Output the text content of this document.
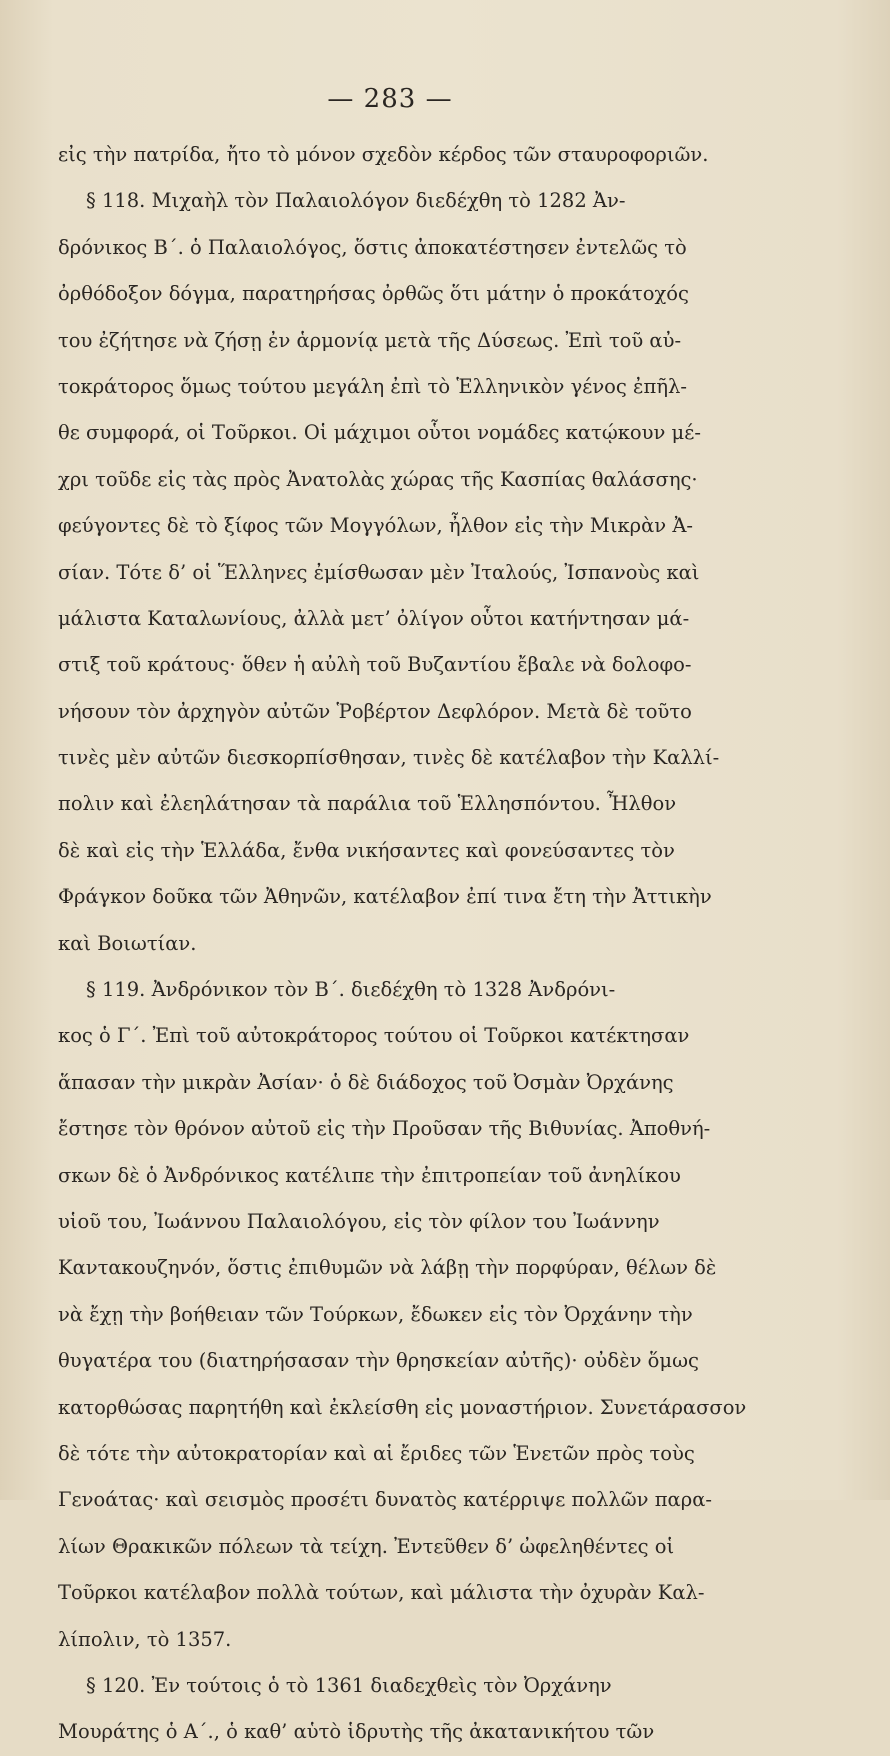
— 283 —
εἰς τὴν πατρίδα, ἤτο τὸ μόνον σχεδὸν κέρδος τῶν σταυροφοριῶν.
§ 118. Μιχαὴλ τὸν Παλαιολόγον διεδέχθη τὸ 1282 Ἀν-
δρόνικος Β΄. ὁ Παλαιολόγος, ὅστις ἀποκατέστησεν ἐντελῶς τὸ
ὀρθόδοξον δόγμα, παρατηρήσας ὀρθῶς ὅτι μάτην ὁ προκάτοχός
του ἐζήτησε νὰ ζήσῃ ἐν ἁρμονίᾳ μετὰ τῆς Δύσεως. Ἐπὶ τοῦ αὐ-
τοκράτορος ὅμως τούτου μεγάλη ἐπὶ τὸ Ἑλληνικὸν γένος ἐπῆλ-
θε συμφορά, οἱ Τοῦρκοι. Οἱ μάχιμοι οὗτοι νομάδες κατῴκουν μέ-
χρι τοῦδε εἰς τὰς πρὸς Ἀνατολὰς χώρας τῆς Κασπίας θαλάσσης·
φεύγοντες δὲ τὸ ξίφος τῶν Μογγόλων, ἦλθον εἰς τὴν Μικρὰν Ἀ-
σίαν. Τότε δ’ οἱ Ἕλληνες ἐμίσθωσαν μὲν Ἰταλούς, Ἰσπανοὺς καὶ
μάλιστα Καταλωνίους, ἀλλὰ μετ’ ὀλίγον οὗτοι κατήντησαν μά-
στιξ τοῦ κράτους· ὅθεν ἡ αὐλὴ τοῦ Βυζαντίου ἔβαλε νὰ δολοφο-
νήσουν τὸν ἀρχηγὸν αὐτῶν Ῥοβέρτον Δεφλόρον. Μετὰ δὲ τοῦτο
τινὲς μὲν αὐτῶν διεσκορπίσθησαν, τινὲς δὲ κατέλαβον τὴν Καλλί-
πολιν καὶ ἐλεηλάτησαν τὰ παράλια τοῦ Ἑλλησπόντου. Ἦλθον
δὲ καὶ εἰς τὴν Ἑλλάδα, ἔνθα νικήσαντες καὶ φονεύσαντες τὸν
Φράγκον δοῦκα τῶν Ἀθηνῶν, κατέλαβον ἐπί τινα ἔτη τὴν Ἀττικὴν
καὶ Βοιωτίαν.
§ 119. Ἀνδρόνικον τὸν Β΄. διεδέχθη τὸ 1328 Ἀνδρόνι-
κος ὁ Γ΄. Ἐπὶ τοῦ αὐτοκράτορος τούτου οἱ Τοῦρκοι κατέκτησαν
ἅπασαν τὴν μικρὰν Ἀσίαν· ὁ δὲ διάδοχος τοῦ Ὀσμὰν Ὀρχάνης
ἔστησε τὸν θρόνον αὐτοῦ εἰς τὴν Προῦσαν τῆς Βιθυνίας. Ἀποθνή-
σκων δὲ ὁ Ἀνδρόνικος κατέλιπε τὴν ἐπιτροπείαν τοῦ ἀνηλίκου
υἱοῦ του, Ἰωάννου Παλαιολόγου, εἰς τὸν φίλον του Ἰωάννην
Καντακουζηνόν, ὅστις ἐπιθυμῶν νὰ λάβῃ τὴν πορφύραν, θέλων δὲ
νὰ ἔχῃ τὴν βοήθειαν τῶν Τούρκων, ἔδωκεν εἰς τὸν Ὀρχάνην τὴν
θυγατέρα του (διατηρήσασαν τὴν θρησκείαν αὐτῆς)· οὐδὲν ὅμως
κατορθώσας παρητήθη καὶ ἐκλείσθη εἰς μοναστήριον. Συνετάρασσον
δὲ τότε τὴν αὐτοκρατορίαν καὶ αἱ ἔριδες τῶν Ἑνετῶν πρὸς τοὺς
Γενοάτας· καὶ σεισμὸς προσέτι δυνατὸς κατέρριψε πολλῶν παρα-
λίων Θρακικῶν πόλεων τὰ τείχη. Ἐντεῦθεν δ’ ὠφεληθέντες οἱ
Τοῦρκοι κατέλαβον πολλὰ τούτων, καὶ μάλιστα τὴν ὀχυρὰν Καλ-
λίπολιν, τὸ 1357.
§ 120. Ἐν τούτοις ὁ τὸ 1361 διαδεχθεὶς τὸν Ὀρχάνην
Μουράτης ὁ Α΄., ὁ καθ’ αὑτὸ ἱδρυτὴς τῆς ἀκατανικήτου τῶν
